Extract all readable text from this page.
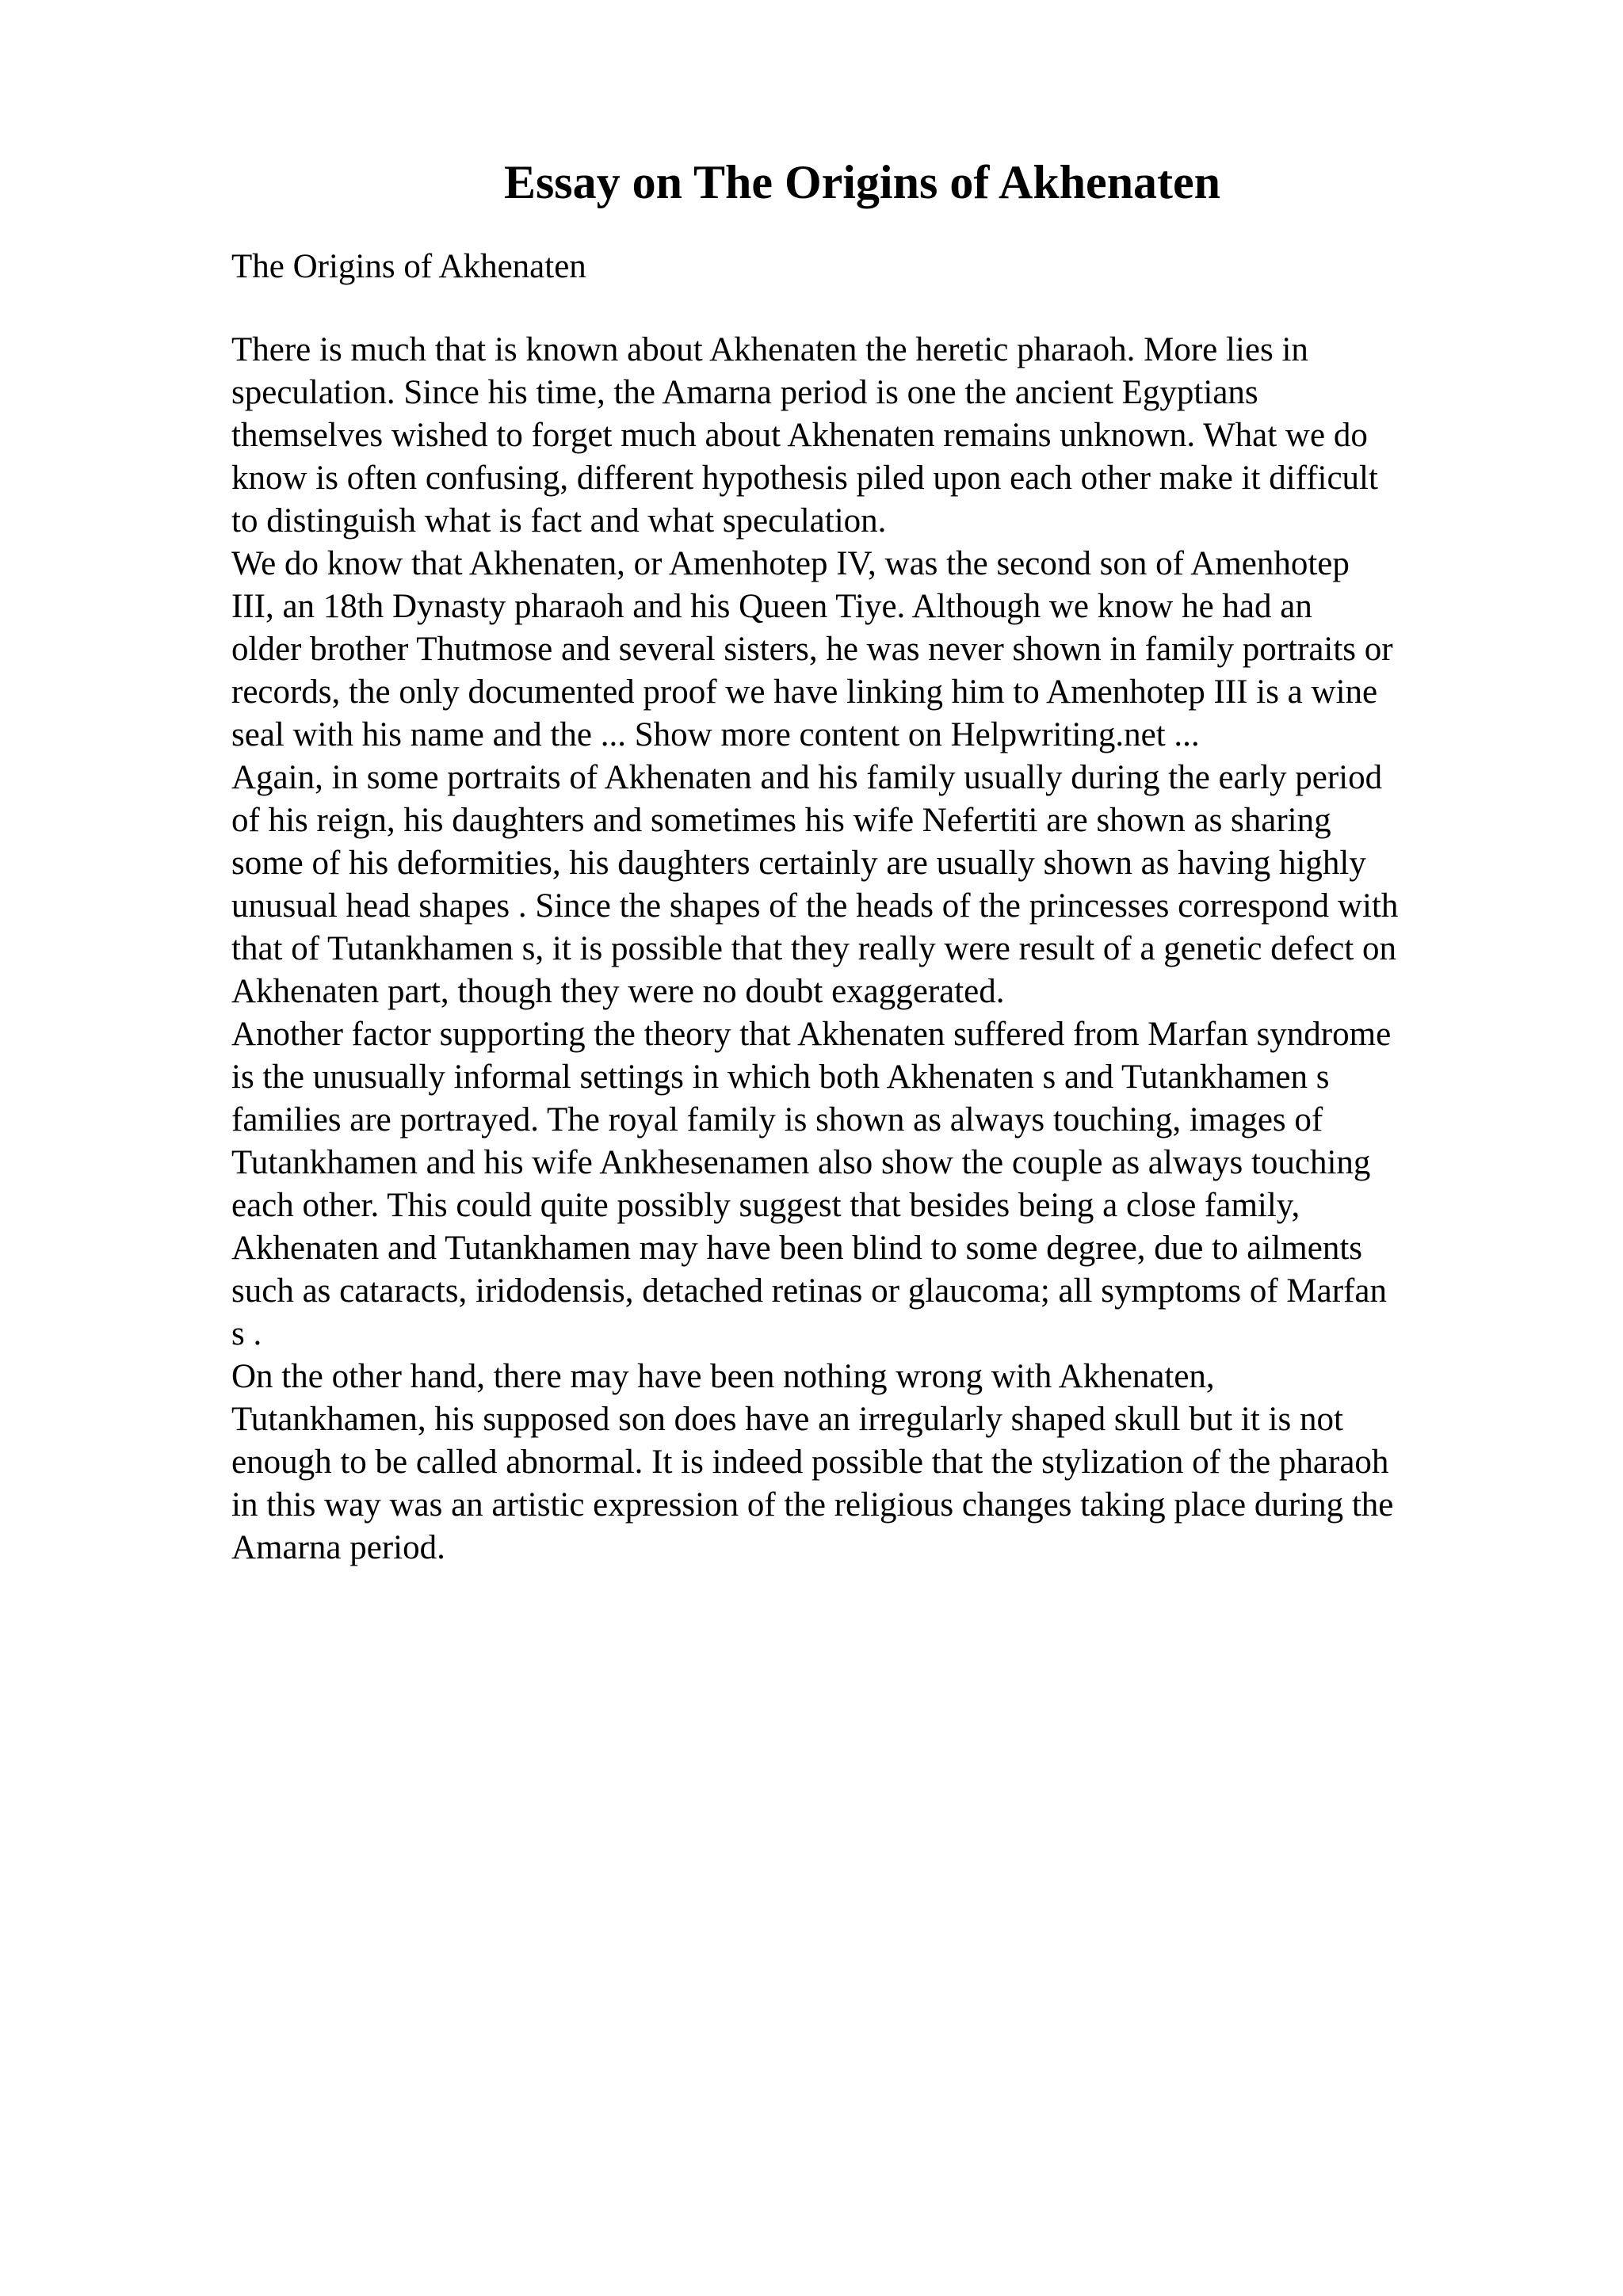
Essay on The Origins of Akhenaten

The Origins of Akhenaten

There is much that is known about Akhenaten the heretic pharaoh. More lies in
speculation. Since his time, the Amarna period is one the ancient Egyptians
themselves wished to forget much about Akhenaten remains unknown. What we do
know is often confusing, different hypothesis piled upon each other make it difficult
to distinguish what is fact and what speculation.
We do know that Akhenaten, or Amenhotep IV, was the second son of Amenhotep
III, an 18th Dynasty pharaoh and his Queen Tiye. Although we know he had an
older brother Thutmose and several sisters, he was never shown in family portraits or
records, the only documented proof we have linking him to Amenhotep III is a wine
seal with his name and the ... Show more content on Helpwriting.net ...
Again, in some portraits of Akhenaten and his family usually during the early period
of his reign, his daughters and sometimes his wife Nefertiti are shown as sharing
some of his deformities, his daughters certainly are usually shown as having highly
unusual head shapes . Since the shapes of the heads of the princesses correspond with
that of Tutankhamen s, it is possible that they really were result of a genetic defect on
Akhenaten part, though they were no doubt exaggerated.
Another factor supporting the theory that Akhenaten suffered from Marfan syndrome
is the unusually informal settings in which both Akhenaten s and Tutankhamen s
families are portrayed. The royal family is shown as always touching, images of
Tutankhamen and his wife Ankhesenamen also show the couple as always touching
each other. This could quite possibly suggest that besides being a close family,
Akhenaten and Tutankhamen may have been blind to some degree, due to ailments
such as cataracts, iridodensis, detached retinas or glaucoma; all symptoms of Marfan
s .
On the other hand, there may have been nothing wrong with Akhenaten,
Tutankhamen, his supposed son does have an irregularly shaped skull but it is not
enough to be called abnormal. It is indeed possible that the stylization of the pharaoh
in this way was an artistic expression of the religious changes taking place during the
Amarna period.
